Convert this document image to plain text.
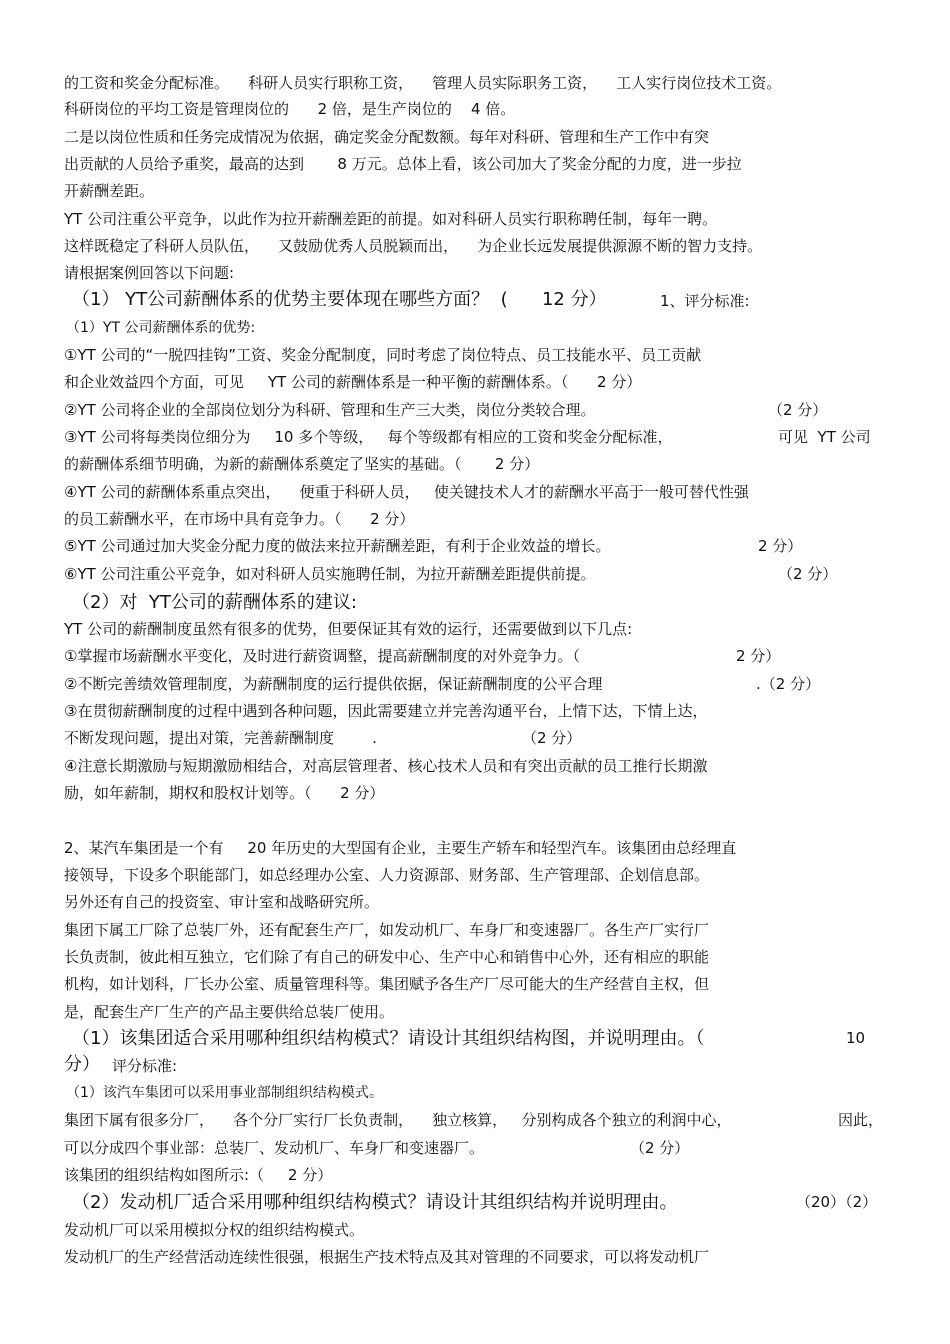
的工资和奖金分配标准。    科研人员实行职称工资，    管理人员实际职务工资，    工人实行岗位技术工资。
科研岗位的平均工资是管理岗位的      2 倍，是生产岗位的    4 倍。
二是以岗位性质和任务完成情况为依据，确定奖金分配数额。每年对科研、管理和生产工作中有突
出贡献的人员给予重奖，最高的达到       8 万元。总体上看，该公司加大了奖金分配的力度，进一步拉
开薪酬差距。
YT 公司注重公平竞争，以此作为拉开薪酬差距的前提。如对科研人员实行职称聘任制，每年一聘。
这样既稳定了科研人员队伍，    又鼓励优秀人员脱颖而出，    为企业长远发展提供源源不断的智力支持。
请根据案例回答以下问题:
（1） YT公司薪酬体系的优势主要体现在哪些方面？  (      12 分）	1、评分标准:
（1）YT 公司薪酬体系的优势:
①YT 公司的“一脱四挂钩”工资、奖金分配制度，同时考虑了岗位特点、员工技能水平、员工贡献
和企业效益四个方面，可见     YT 公司的薪酬体系是一种平衡的薪酬体系。（      2 分）
②YT 公司将企业的全部岗位划分为科研、管理和生产三大类，岗位分类较合理。	（2 分）
③YT 公司将每类岗位细分为     10 多个等级，   每个等级都有相应的工资和奖金分配标准，	可见  YT 公司
的薪酬体系细节明确，为新的薪酬体系奠定了坚实的基础。（       2 分）
④YT 公司的薪酬体系重点突出，    便重于科研人员，   使关键技术人才的薪酬水平高于一般可替代性强
的员工薪酬水平，在市场中具有竞争力。（      2 分）
⑤YT 公司通过加大奖金分配力度的做法来拉开薪酬差距，有利于企业效益的增长。	2 分）
⑥YT 公司注重公平竞争，如对科研人员实施聘任制，为拉开薪酬差距提供前提。	（2 分）
（2）对  YT公司的薪酬体系的建议:
YT 公司的薪酬制度虽然有很多的优势，但要保证其有效的运行，还需要做到以下几点:
①掌握市场薪酬水平变化，及时进行薪资调整，提高薪酬制度的对外竞争力。（	2 分）
②不断完善绩效管理制度，为薪酬制度的运行提供依据，保证薪酬制度的公平合理	.（2 分）
③在贯彻薪酬制度的过程中遇到各种问题，因此需要建立并完善沟通平台，上情下达，下情上达，
不断发现问题，提出对策，完善薪酬制度        .	（2 分）
④注意长期激励与短期激励相结合，对高层管理者、核心技术人员和有突出贡献的员工推行长期激
励，如年薪制，期权和股权计划等。（      2 分）
2、某汽车集团是一个有     20 年历史的大型国有企业，主要生产轿车和轻型汽车。该集团由总经理直
接领导，下设多个职能部门，如总经理办公室、人力资源部、财务部、生产管理部、企划信息部。
另外还有自己的投资室、审计室和战略研究所。
集团下属工厂除了总装厂外，还有配套生产厂，如发动机厂、车身厂和变速器厂。各生产厂实行厂
长负责制，彼此相互独立，它们除了有自己的研发中心、生产中心和销售中心外，还有相应的职能
机构，如计划科，厂长办公室、质量管理科等。集团赋予各生产厂尽可能大的生产经营自主权，但
是，配套生产厂生产的产品主要供给总装厂使用。
（1）该集团适合采用哪种组织结构模式？请设计其组织结构图，并说明理由。（	10
分） 评分标准:
（1）该汽车集团可以采用事业部制组织结构模式。
集团下属有很多分厂，    各个分厂实行厂长负责制，    独立核算，   分别构成各个独立的利润中心，	因此，
可以分成四个事业部：总装厂、发动机厂、车身厂和变速器厂。	（2 分）
该集团的组织结构如图所示:（     2 分）
（2）发动机厂适合采用哪种组织结构模式？请设计其组织结构并说明理由。	（20）（2）
发动机厂可以采用模拟分权的组织结构模式。
发动机厂的生产经营活动连续性很强，根据生产技术特点及其对管理的不同要求，可以将发动机厂
